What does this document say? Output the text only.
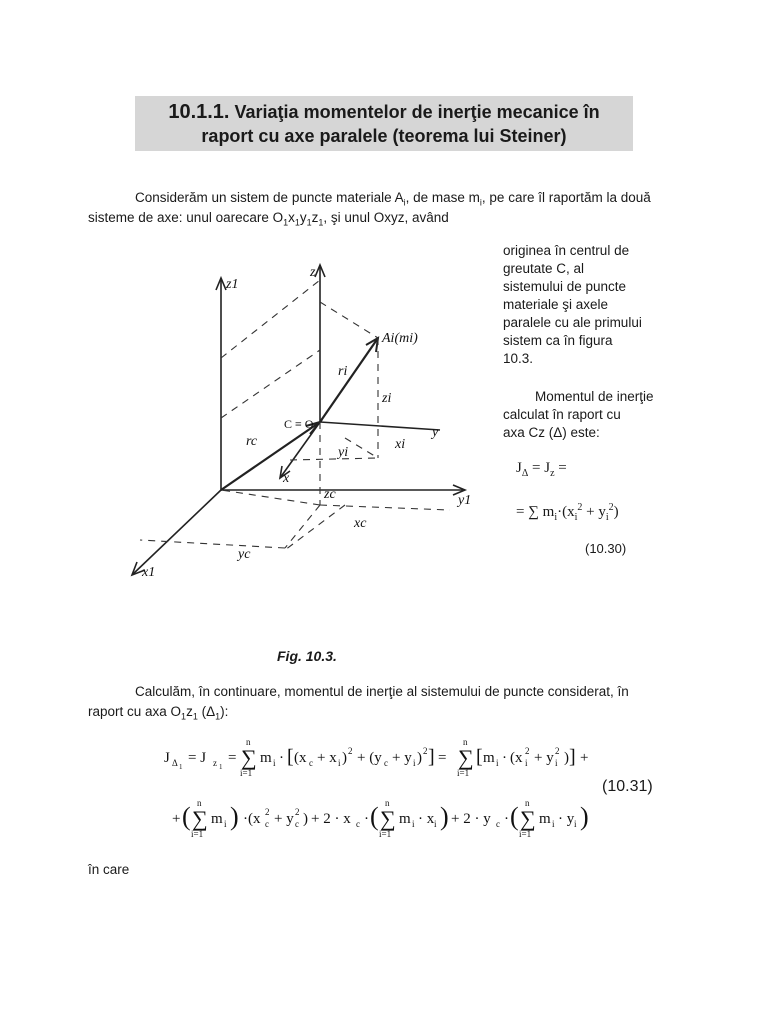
10.1.1. Variaţia momentelor de inerţie mecanice în
raport cu axe paralele (teorema lui Steiner)
Considerăm un sistem de puncte materiale $A_i$, de mase $m_i$, pe care îl raportăm la două
sisteme de axe: unul oarecare $O_1x_1y_1z_1$, şi unul Oxyz, având
z1
z
Ai(mi)
ri
zi
C ≡ O
y
xi
rc
yi
zc	y1
xc
yc
x
x1
originea în centrul de
greutate C, al
sistemului de puncte
materiale şi axele
paralele cu ale primului
sistem ca în figura
10.3.
Momentul de inerţie
calculat în raport cu
axa Cz (Δ) este:
$J_\Delta = J_z$ =
= ∑ $m_i\cdot(x_i^2 + y_i^2)$
(10.30)
Fig. 10.3.
Calculăm, în continuare, momentul de inerţie al sistemului de puncte considerat, în
raport cu axa $O_1z_1$ $(\Delta_1)$:
J Δ 1
= J z 1
= ∑
n
i=1
m i · [ (x c + x i ) 2 + (y c + y i ) 2 ] = ∑
n
i=1
[ m i · (x i
2 + y i
2 ) ] +
+ ( ∑
n
i=1
m i ) ·(x c
2 + y c
2 ) + 2 · x c · ( ∑
n
i=1
m i · x i ) + 2 · y c · ( ∑
n
i=1
m i · y i )
(10.31)
în care
